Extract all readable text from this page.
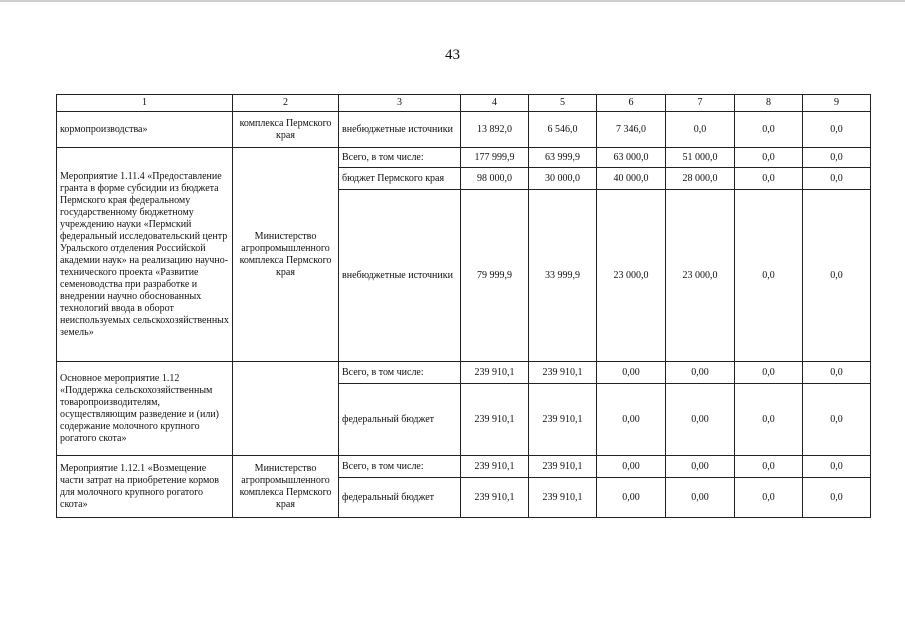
43
1	2	3	4	5	6	7	8	9
кормопроизводства»	комплекса Пермского края	внебюджетные источники	13 892,0	6 546,0	7 346,0	0,0	0,0	0,0
Мероприятие 1.11.4 «Предоставление гранта в форме субсидии из бюджета Пермского края федеральному государственному бюджетному учреждению науки «Пермский федеральный исследовательский центр Уральского отделения Российской академии наук» на реализацию научно-технического проекта «Развитие семеноводства при разработке и внедрении научно обоснованных технологий ввода в оборот неиспользуемых сельскохозяйственных земель»	Министерство агропромышленного комплекса Пермского края	Всего, в том числе:	177 999,9	63 999,9	63 000,0	51 000,0	0,0	0,0
		бюджет Пермского края	98 000,0	30 000,0	40 000,0	28 000,0	0,0	0,0
		внебюджетные источники	79 999,9	33 999,9	23 000,0	23 000,0	0,0	0,0
Основное мероприятие 1.12 «Поддержка сельскохозяйственным товаропроизводителям, осуществляющим разведение и (или) содержание молочного крупного рогатого скота»		Всего, в том числе:	239 910,1	239 910,1	0,00	0,00	0,0	0,0
		федеральный бюджет	239 910,1	239 910,1	0,00	0,00	0,0	0,0
Мероприятие 1.12.1 «Возмещение части затрат на приобретение кормов для молочного крупного рогатого скота»	Министерство агропромышленного комплекса Пермского края	Всего, в том числе:	239 910,1	239 910,1	0,00	0,00	0,0	0,0
		федеральный бюджет	239 910,1	239 910,1	0,00	0,00	0,0	0,0
